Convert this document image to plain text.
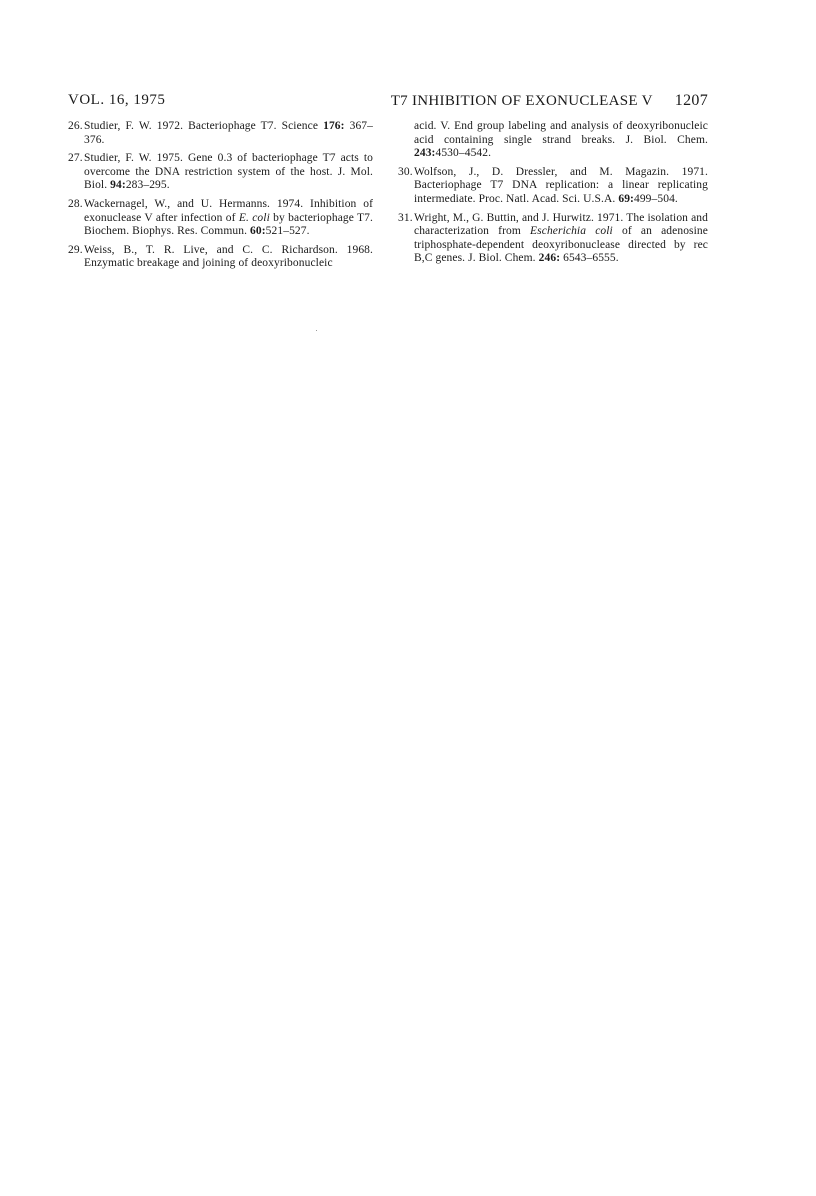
VOL. 16, 1975	T7 INHIBITION OF EXONUCLEASE V 1207

26.Studier, F. W. 1972. Bacteriophage T7. Science 176: 367–376.

27.Studier, F. W. 1975. Gene 0.3 of bacteriophage T7 acts to overcome the DNA restriction system of the host. J. Mol. Biol. 94:283–295.

28.Wackernagel, W., and U. Hermanns. 1974. Inhibition of exonuclease V after infection of E. coli by bacteriophage T7. Biochem. Biophys. Res. Commun. 60:521–527.

29.Weiss, B., T. R. Live, and C. C. Richardson. 1968. Enzymatic breakage and joining of deoxyribonucleic

acid. V. End group labeling and analysis of deoxyribonucleic acid containing single strand breaks. J. Biol. Chem. 243:4530–4542.

30.Wolfson, J., D. Dressler, and M. Magazin. 1971. Bacteriophage T7 DNA replication: a linear replicating intermediate. Proc. Natl. Acad. Sci. U.S.A. 69:499–504.

31.Wright, M., G. Buttin, and J. Hurwitz. 1971. The isolation and characterization from Escherichia coli of an adenosine triphosphate-dependent deoxyribonuclease directed by rec B,C genes. J. Biol. Chem. 246: 6543–6555.
